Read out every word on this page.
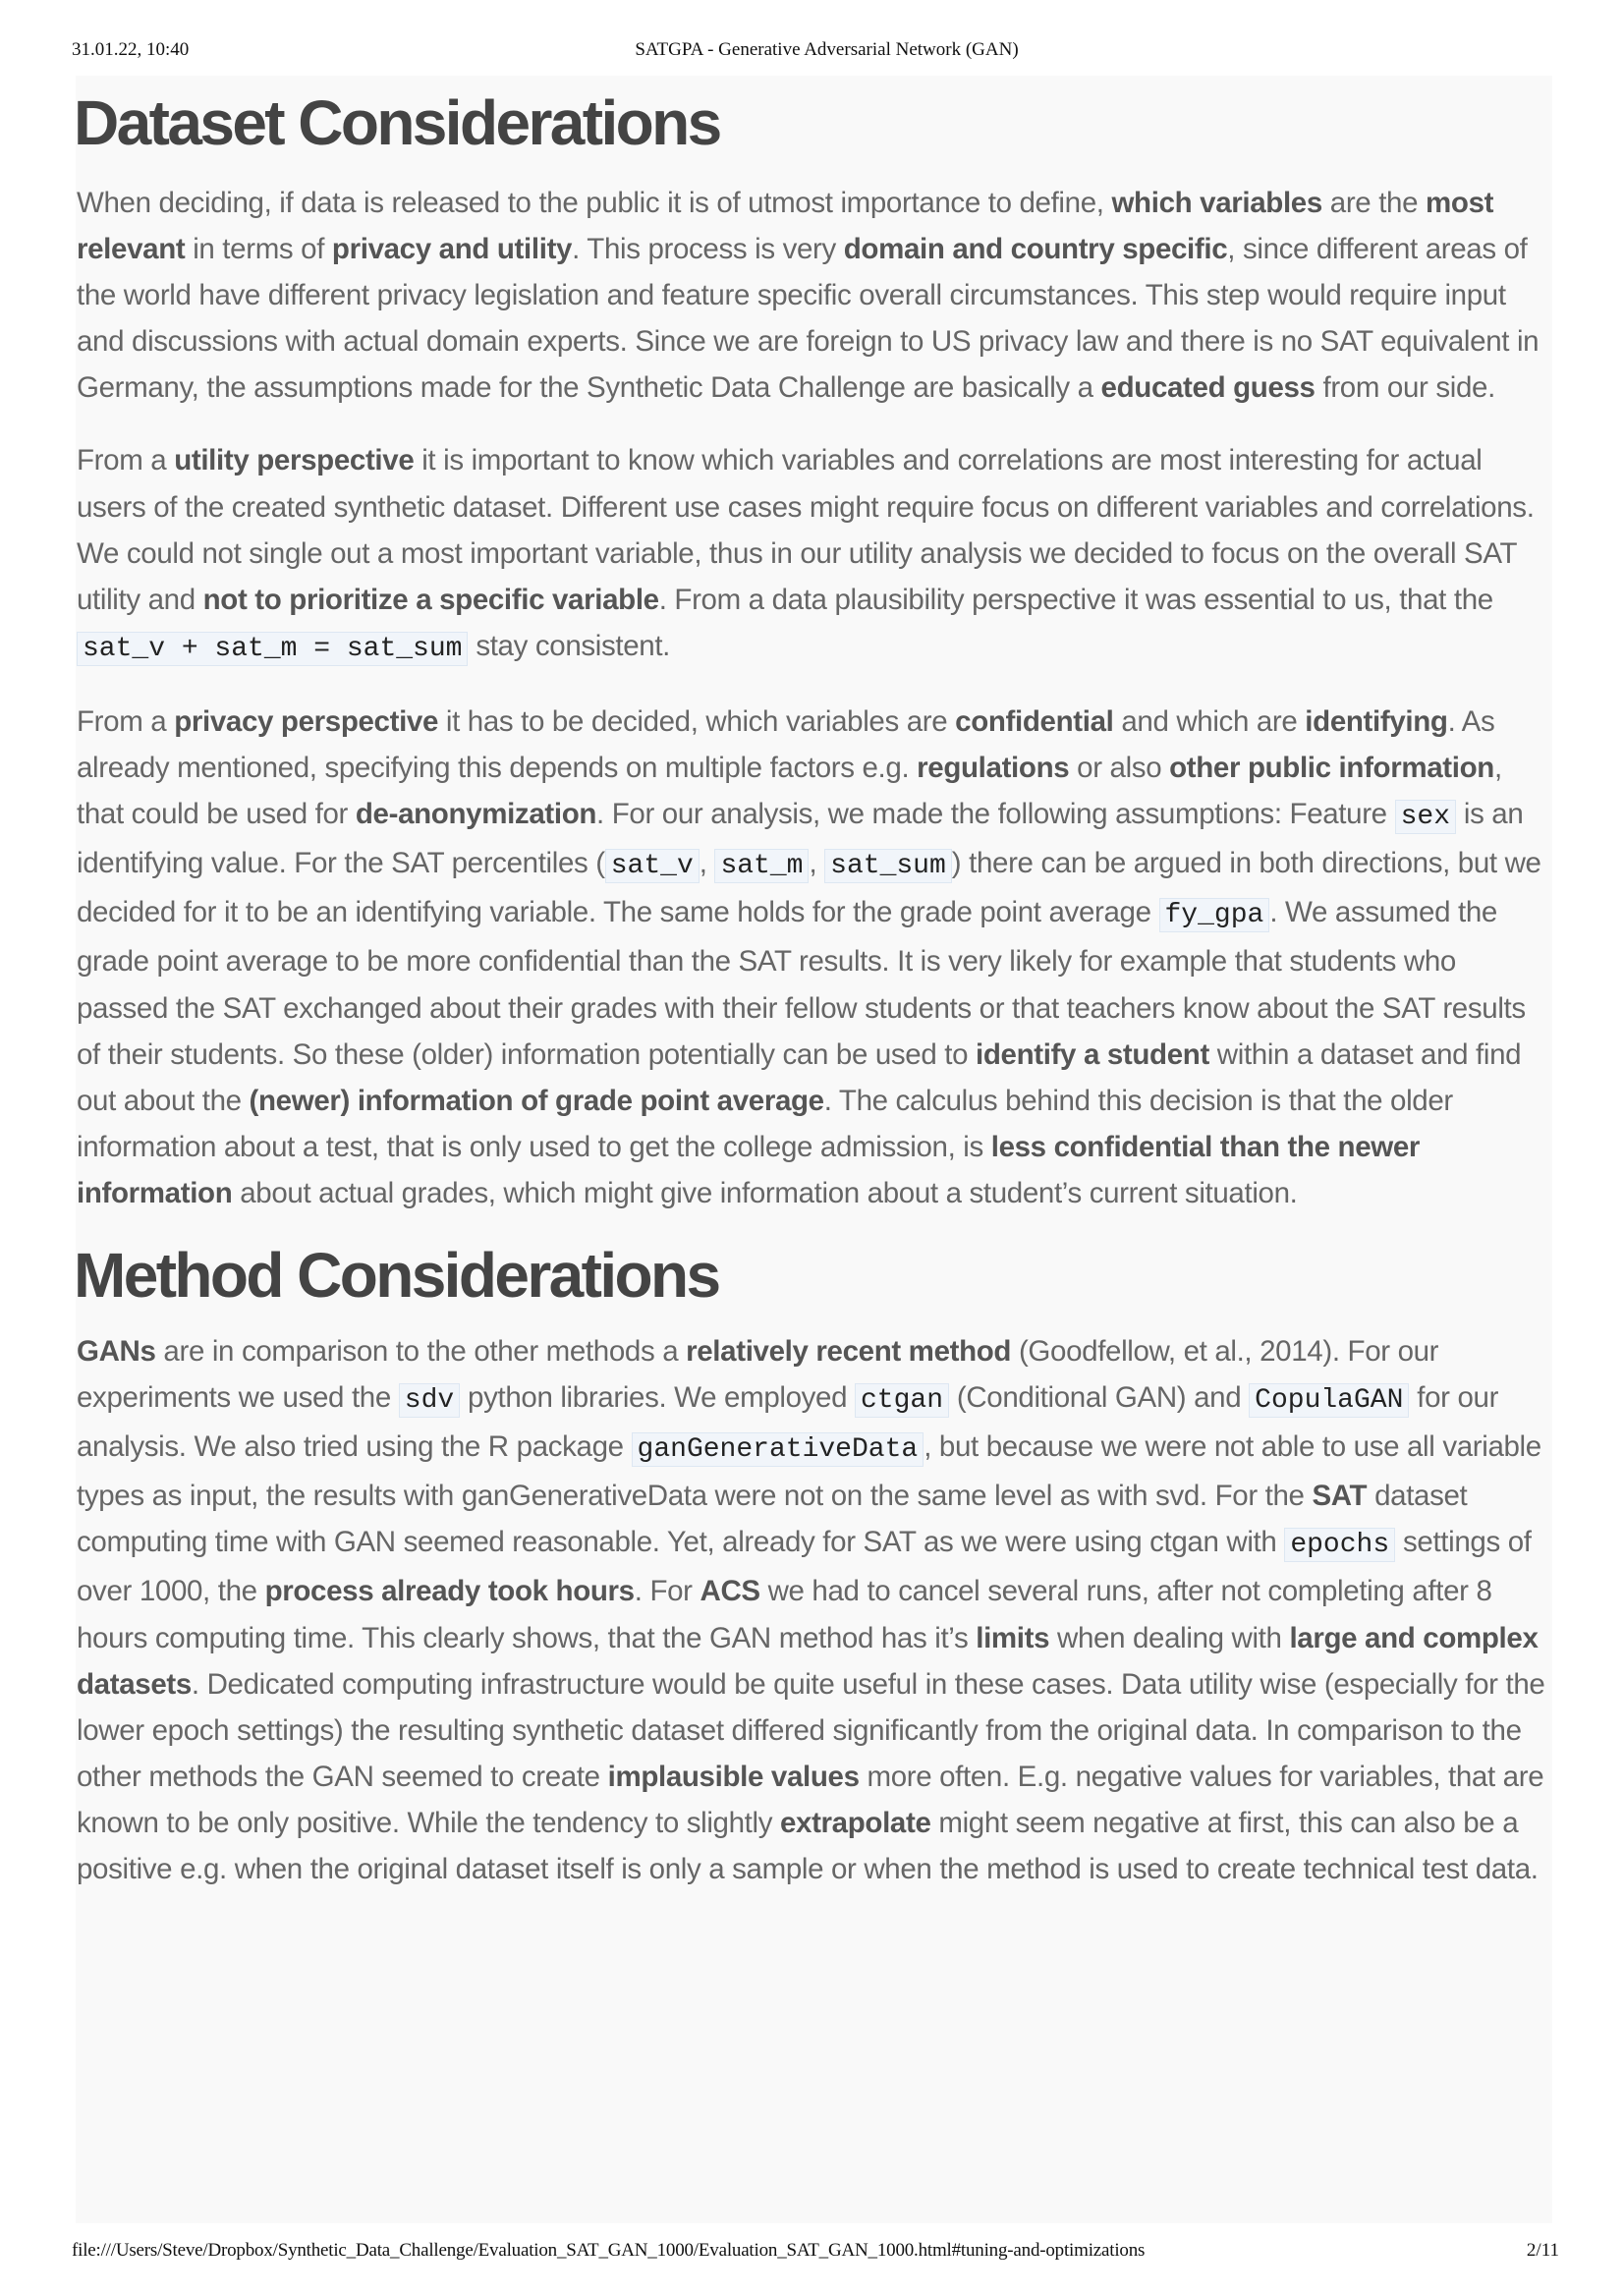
31.01.22, 10:40	SATGPA - Generative Adversarial Network (GAN)
Dataset Considerations

When deciding, if data is released to the public it is of utmost importance to define, which variables are the most relevant in terms of privacy and utility. This process is very domain and country specific, since different areas of the world have different privacy legislation and feature specific overall circumstances. This step would require input and discussions with actual domain experts. Since we are foreign to US privacy law and there is no SAT equivalent in Germany, the assumptions made for the Synthetic Data Challenge are basically a educated guess from our side.

From a utility perspective it is important to know which variables and correlations are most interesting for actual users of the created synthetic dataset. Different use cases might require focus on different variables and correlations. We could not single out a most important variable, thus in our utility analysis we decided to focus on the overall SAT utility and not to prioritize a specific variable. From a data plausibility perspective it was essential to us, that the sat_v + sat_m = sat_sum stay consistent.

From a privacy perspective it has to be decided, which variables are confidential and which are identifying. As already mentioned, specifying this depends on multiple factors e.g. regulations or also other public information, that could be used for de-anonymization. For our analysis, we made the following assumptions: Feature sex is an identifying value. For the SAT percentiles ( sat_v , sat_m , sat_sum ) there can be argued in both directions, but we decided for it to be an identifying variable. The same holds for the grade point average fy_gpa . We assumed the grade point average to be more confidential than the SAT results. It is very likely for example that students who passed the SAT exchanged about their grades with their fellow students or that teachers know about the SAT results of their students. So these (older) information potentially can be used to identify a student within a dataset and find out about the (newer) information of grade point average. The calculus behind this decision is that the older information about a test, that is only used to get the college admission, is less confidential than the newer information about actual grades, which might give information about a student’s current situation.

Method Considerations

GANs are in comparison to the other methods a relatively recent method (Goodfellow, et al., 2014). For our experiments we used the sdv python libraries. We employed ctgan (Conditional GAN) and CopulaGAN for our analysis. We also tried using the R package ganGenerativeData , but because we were not able to use all variable types as input, the results with ganGenerativeData were not on the same level as with svd. For the SAT dataset computing time with GAN seemed reasonable. Yet, already for SAT as we were using ctgan with epochs settings of over 1000, the process already took hours. For ACS we had to cancel several runs, after not completing after 8 hours computing time. This clearly shows, that the GAN method has it’s limits when dealing with large and complex datasets. Dedicated computing infrastructure would be quite useful in these cases. Data utility wise (especially for the lower epoch settings) the resulting synthetic dataset differed significantly from the original data. In comparison to the other methods the GAN seemed to create implausible values more often. E.g. negative values for variables, that are known to be only positive. While the tendency to slightly extrapolate might seem negative at first, this can also be a positive e.g. when the original dataset itself is only a sample or when the method is used to create technical test data.

file:///Users/Steve/Dropbox/Synthetic_Data_Challenge/Evaluation_SAT_GAN_1000/Evaluation_SAT_GAN_1000.html#tuning-and-optimizations	2/11
